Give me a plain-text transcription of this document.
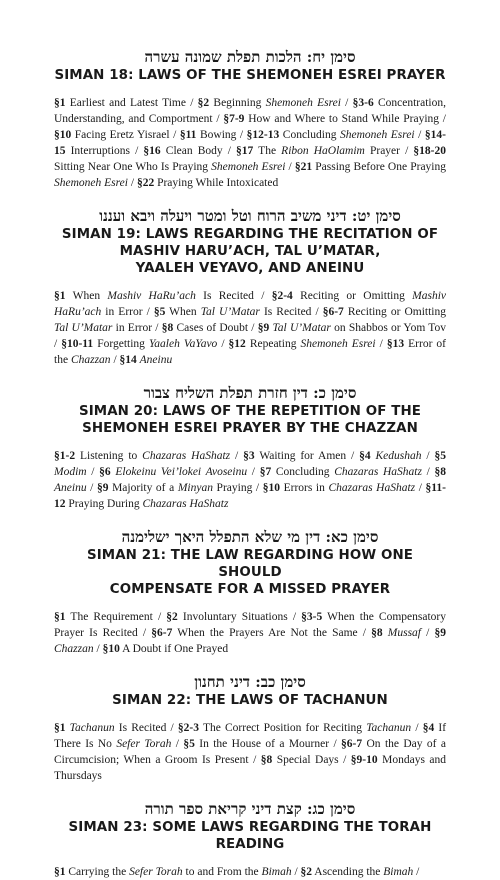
סימן יח: הלכות תפלת שמונה עשרה

SIMAN 18: LAWS OF THE SHEMONEH ESREI PRAYER

§1 Earliest and Latest Time / §2 Beginning Shemoneh Esrei / §3-6 Concentration, Understanding, and Comportment / §7-9 How and Where to Stand While Praying / §10 Facing Eretz Yisrael / §11 Bowing / §12-13 Concluding Shemoneh Esrei / §14-15 Interruptions / §16 Clean Body / §17 The Ribon HaOlamim Prayer / §18-20 Sitting Near One Who Is Praying Shemoneh Esrei / §21 Passing Before One Praying Shemoneh Esrei / §22 Praying While Intoxicated

סימן יט: דיני משיב הרוח וטל ומטר ויעלה ויבא ועננו

SIMAN 19: LAWS REGARDING THE RECITATION OF
MASHIV HARU’ACH, TAL U’MATAR,
YAALEH VEYAVO, AND ANEINU

§1 When Mashiv HaRu’ach Is Recited / §2-4 Reciting or Omitting Mashiv HaRu’ach in Error / §5 When Tal U’Matar Is Recited / §6-7 Reciting or Omitting Tal U’Matar in Error / §8 Cases of Doubt / §9 Tal U’Matar on Shabbos or Yom Tov / §10-11 Forgetting Yaaleh VaYavo / §12 Repeating Shemoneh Esrei / §13 Error of the Chazzan / §14 Aneinu

סימן כ: דין חזרת תפלת השליח צבור

SIMAN 20: LAWS OF THE REPETITION OF THE
SHEMONEH ESREI PRAYER BY THE CHAZZAN

§1-2 Listening to Chazaras HaShatz / §3 Waiting for Amen / §4 Kedushah / §5 Modim / §6 Elokeinu Vei’lokei Avoseinu / §7 Concluding Chazaras HaShatz / §8 Aneinu / §9 Majority of a Minyan Praying / §10 Errors in Chazaras HaShatz / §11-12 Praying During Chazaras HaShatz

סימן כא: דין מי שלא התפלל היאך ישלימנה

SIMAN 21: THE LAW REGARDING HOW ONE SHOULD
COMPENSATE FOR A MISSED PRAYER

§1 The Requirement / §2 Involuntary Situations / §3-5 When the Compensatory Prayer Is Recited / §6-7 When the Prayers Are Not the Same / §8 Mussaf / §9 Chazzan / §10 A Doubt if One Prayed

סימן כב: דיני תחנון

SIMAN 22: THE LAWS OF TACHANUN

§1 Tachanun Is Recited / §2-3 The Correct Position for Reciting Tachanun / §4 If There Is No Sefer Torah / §5 In the House of a Mourner / §6-7 On the Day of a Circumcision; When a Groom Is Present / §8 Special Days / §9-10 Mondays and Thursdays

סימן כג: קצת דיני קריאת ספר תורה

SIMAN 23: SOME LAWS REGARDING THE TORAH READING

§1 Carrying the Sefer Torah to and From the Bimah / §2 Ascending the Bimah /
